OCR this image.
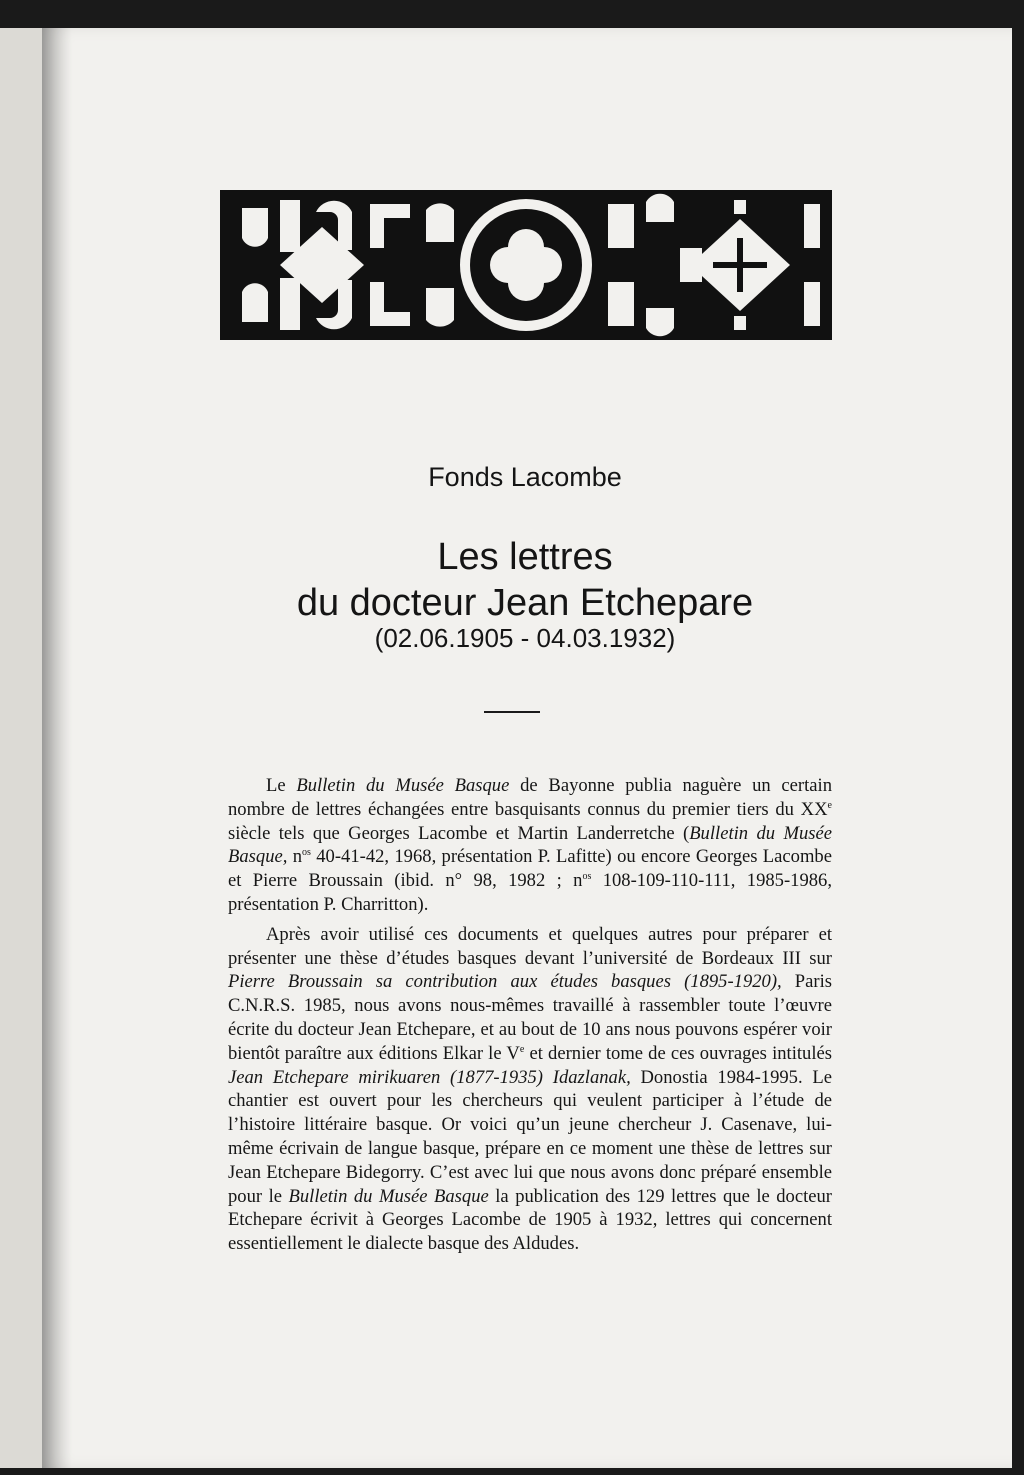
Fonds Lacombe
Les lettres
du docteur Jean Etchepare
(02.06.1905 - 04.03.1932)

Le Bulletin du Musée Basque de Bayonne publia naguère un certain nombre de lettres échangées entre basquisants connus du premier tiers du XXe siècle tels que Georges Lacombe et Martin Landerretche (Bulletin du Musée Basque, $n^{os}$ 40-41-42, 1968, présentation P. Lafitte) ou encore Georges Lacombe et Pierre Broussain (ibid. n° 98, 1982 ; $n^{os}$ 108-109-110-111, 1985-1986, présentation P. Charritton).

Après avoir utilisé ces documents et quelques autres pour préparer et présenter une thèse d’études basques devant l’université de Bordeaux III sur Pierre Broussain sa contribution aux études basques (1895-1920), Paris C.N.R.S. 1985, nous avons nous-mêmes travaillé à rassembler toute l’œuvre écrite du docteur Jean Etchepare, et au bout de 10 ans nous pouvons espérer voir bientôt paraître aux éditions Elkar le Ve et dernier tome de ces ouvrages intitulés Jean Etchepare mirikuaren (1877-1935) Idazlanak, Donostia 1984-1995. Le chantier est ouvert pour les chercheurs qui veulent participer à l’étude de l’histoire littéraire basque. Or voici qu’un jeune chercheur J. Casenave, lui-même écrivain de langue basque, prépare en ce moment une thèse de lettres sur Jean Etchepare Bidegorry. C’est avec lui que nous avons donc préparé ensemble pour le Bulletin du Musée Basque la publication des 129 lettres que le docteur Etchepare écrivit à Georges Lacombe de 1905 à 1932, lettres qui concernent essentiellement le dialecte basque des Aldudes.
